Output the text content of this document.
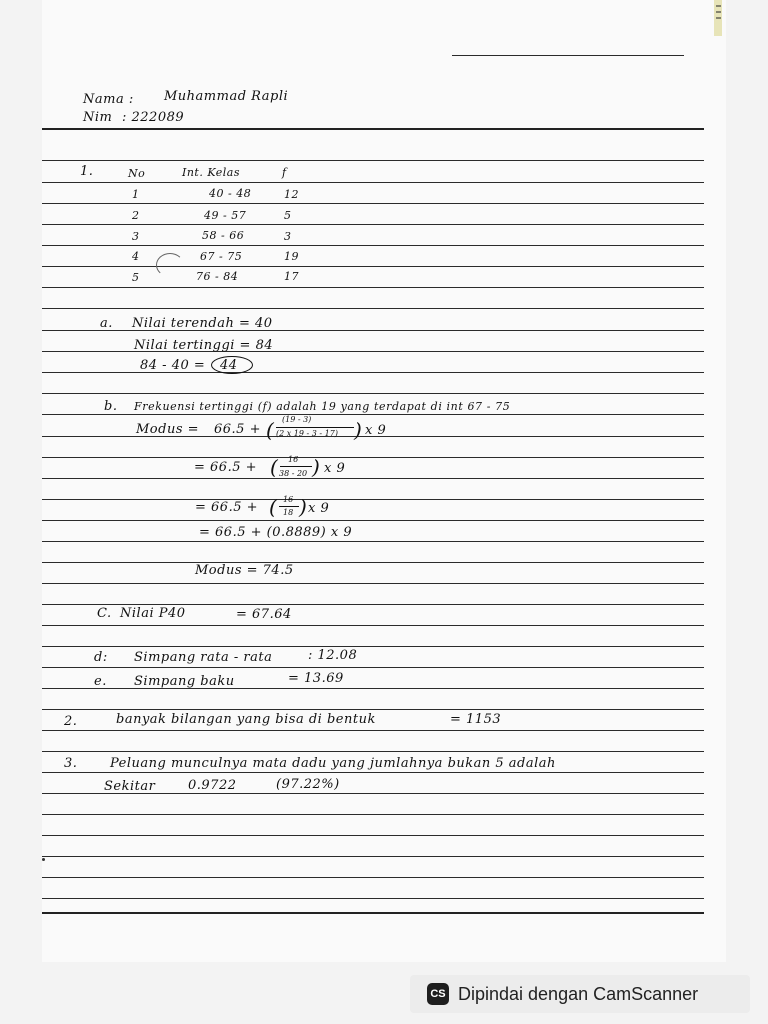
Nama : Muhammad Rapli
Nim : 222089
1.	No	Int. Kelas	f
1	40 - 48	12
2	49 - 57	5
3	58 - 66	3
4	67 - 75	19
5	76 - 84	17
a. Nilai terendah = 40
Nilai tertinggi = 84
84 - 40 = 44
b. Frekuensi tertinggi (f) adalah 19 yang terdapat di int 67 - 75
Modus = 66.5 + ( (19 - 3)
(2 x 19 - 3 - 17) ) x 9
= 66.5 + ( 16
38 - 20 ) x 9
= 66.5 + ( 16
18 ) x 9
= 66.5 + (0.8889) x 9
Modus = 74.5
C. Nilai P40	= 67.64
d: Simpang rata - rata	: 12.08
e. Simpang baku	= 13.69
2.	banyak bilangan yang bisa di bentuk	= 1153
3.	Peluang munculnya mata dadu yang jumlahnya bukan 5 adalah
Sekitar	0.9722	(97.22%)
CS Dipindai dengan CamScanner
